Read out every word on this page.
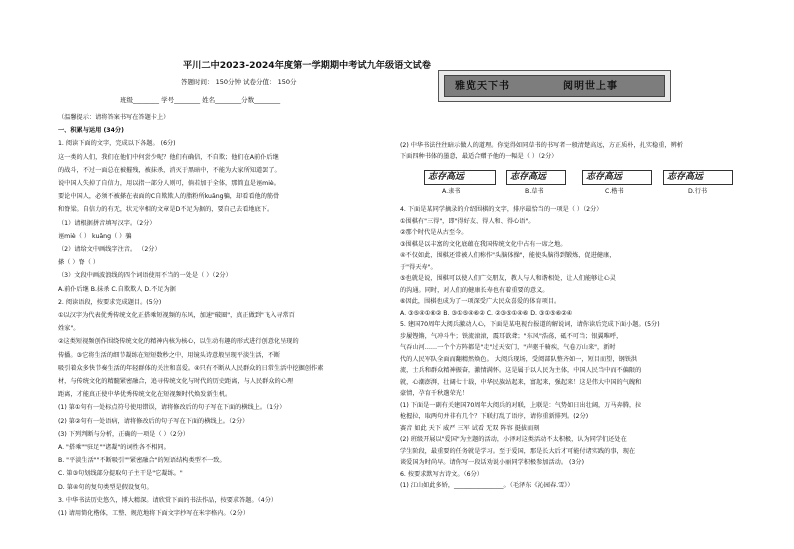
平川二中2023-2024年度第一学期期中考试九年级语文试卷
答题时间： 150分钟 试卷分值： 150分
班级________ 学号________ 姓名________分数________
（温馨提示：请将答案书写在答题卡上）
一、积累与运用 (34分)
1. 阅读下面的文字，完成以下各题。 (6分)
这一类的人们，我们在他们中何尝少呢？他们有确信，不自欺；他们在A前仆后继
的战斗，不过一面总在被摧残，被抹杀，消灭于黑暗中，不能为大家所知道罢了。
说中国人失掉了自信力，用以指一部分人则可，倘若加于全体，那简直是诬miè。
要论中国人，必须不被搽在表面的C自欺欺人的脂粉所kuāng骗，却看看他的筋骨
和脊梁。自信力的有无，状元宰相的文章是D不足为据的，要自己去看地底下。
（1）请根据拼音填写汉字。（2分）
诬miè（ ） kuāng（ ）骗
（2）请给文中画线字注音。 （2分）
搽（ ）脊（ ）
（3）文段中画波浪线的四个词语使用不当的一处是（ ）（2分）
A.前仆后继 B.抹杀 C.自欺欺人 D.不足为据
2. 阅读语段，按要求完成题目。(5分)
①以汉字为代表优秀传统文化正搭乘短视频的东风，加速"破圈"，真正做到"飞入寻常百
姓家"。
②这类短视频创作围绕传统文化的精神内核为核心，以生动有趣的形式进行创意化呈现的
传播。③它将生活的细节凝练在短短数秒之中，用镜头诗意般呈现平淡生活，不断
吸引着众多快节奏生活的年轻群体的关注和喜爱。④只有不断从人民群众的日常生活中挖掘创作素
材，与传统文化的精髓紧密融合，追寻传统文化与时代的历史距离，与人民群众的心理
距离，才能真正使中华优秀传统文化在短视频时代焕发新生机。
(1) 第①句有一处标点符号使用错误，请将修改后的句子写在下面的横线上。（1分）
(2) 第②句有一处语病，请将修改后的句子写在下面的横线上。（2分）
(3) 下列判断与分析，正确的一项是（ ）（2分）
A. "搭乘""驻足""诸凝"的词性各不相同。
B. "平淡生活""不断吸引""紧密融合"的短语结构类型不一致。
C. 第③句划线部分提取句子主干是"它凝练。"
D. 第④句的复句类型是假设复句。
3. 中华书法历史悠久，博大精深。请欣赏下面的书法作品，按要求答题。（4分）
(1) 请用简化楷体，工整、规范地将下面文字抄写在米字格内。（2分）
雅览天下书	阅明世上事
(2) 中华书法往往暗示做人的道理。你觉得如同草书的书写者一般清楚高远，方正质朴，扎实稳重，辨析
下面四种书体的墨意，最适合赠予他的一幅是（ ）（2分）
志存高远	志存高远	志存高远	志存高远
A.隶书	B.草书	C.楷书	D.行书
4. 下面是某同学摘录的介绍围棋的文字，排序最恰当的一项是（ ）（2分）
①围棋有"三得"，即"得好友、得人和、得心语"。
②那个时代是从古至今。
③围棋是以丰富的文化底蕴在我国传统文化中占有一席之地。
④不仅如此，围棋还常被人们称作"头脑体操"，能使头脑得到锻炼，促进健康，
于"得天寿"。
⑤也就是说，围棋可以使人们广交朋友，教人与人和谐相处，让人们能够让心灵
的沟通。同时，对人们的健康长寿也有着重要的意义。
⑥因此，围棋也成为了一项深受广大民众喜爱的体育项目。
A. ③⑤④①⑥② B. ③①⑤④⑥② C. ②③⑤①④⑥ D. ③①⑤⑥②④
5. 建国70周年大阅兵激动人心，下面是某电视台报道的解说词，请你读后完成下面小题。(5分)
步履铿锵，气冲斗牛；铁流滚滚，震耳欲聋；"东风"浩荡，砥不可当；银翼唯呼，
气吞山河……一个个方阵都是"走"过天安门，"声驱千骑疾，气卷万山来"，新时
代的人民军队全面而翻精然焕色。 大阅兵现场，受阅部队整齐如一，短目而望，钢铁洪
流，士兵和群众精神振奋，激情满怀。这是属于以人民为主体，中国人民当中而不偏限的
就，心潮澎湃，壮阔七十载，中华民族站起来，富起来，强起来！这是伟大中国的气魄和
豪情，孕育千秋邈荣光！
(1) 下面是一副有关建国70周年大阅兵的对联，上联是：气势如日出壮阔，万马奔腾，拉
枪握拉，取两句并非有几个？下联打乱了语序，请你重新排列。(2分)
赛音 如此 天下 威严 三军 试看 无双 阵容 挺拔而刻
(2) 班级开展以"爱国"为主题的活动，小泽对这类活动不太积极，认为同学们还处在
学生阶段，最重要的任务就是学习。至于爱国，那是长大后才可能付诸实践的事，现在
谈爱国为时尚早。请你写一段话劝说小丽同学积极参加活动。 (3分)
6. 按要求默写古诗文。（6分）
(1) 江山如此多娇，________________。（毛泽东《沁园春.雪》）
